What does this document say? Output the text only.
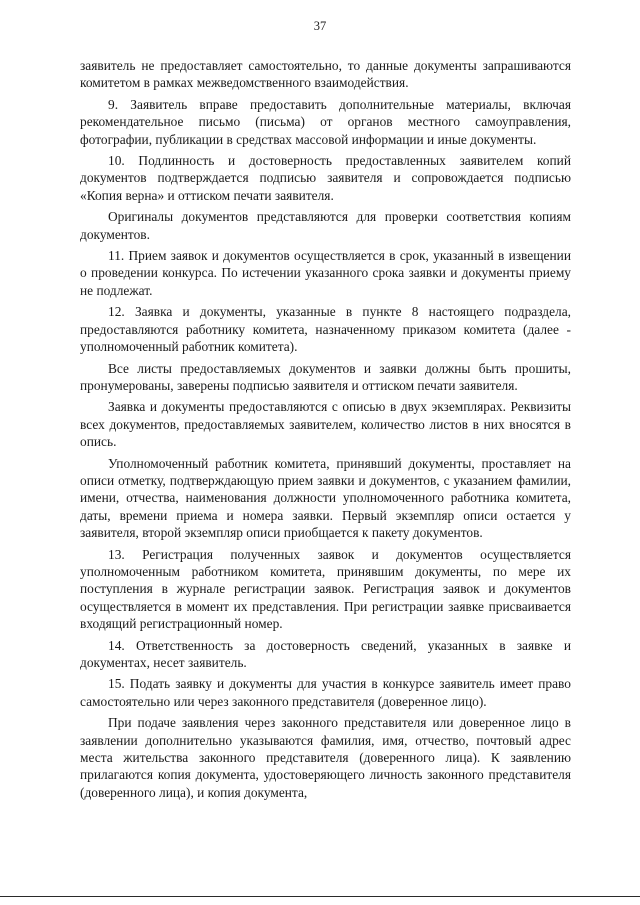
37

заявитель не предоставляет самостоятельно, то данные документы запрашиваются комитетом в рамках межведомственного взаимодействия.

9. Заявитель вправе предоставить дополнительные материалы, включая рекомендательное письмо (письма) от органов местного самоуправления, фотографии, публикации в средствах массовой информации и иные документы.

10. Подлинность и достоверность предоставленных заявителем копий документов подтверждается подписью заявителя и сопровождается подписью «Копия верна» и оттиском печати заявителя.

Оригиналы документов представляются для проверки соответствия копиям документов.

11. Прием заявок и документов осуществляется в срок, указанный в извещении о проведении конкурса. По истечении указанного срока заявки и документы приему не подлежат.

12. Заявка и документы, указанные в пункте 8 настоящего подраздела, предоставляются работнику комитета, назначенному приказом комитета (далее - уполномоченный работник комитета).

Все листы предоставляемых документов и заявки должны быть прошиты, пронумерованы, заверены подписью заявителя и оттиском печати заявителя.

Заявка и документы предоставляются с описью в двух экземплярах. Реквизиты всех документов, предоставляемых заявителем, количество листов в них вносятся в опись.

Уполномоченный работник комитета, принявший документы, проставляет на описи отметку, подтверждающую прием заявки и документов, с указанием фамилии, имени, отчества, наименования должности уполномоченного работника комитета, даты, времени приема и номера заявки. Первый экземпляр описи остается у заявителя, второй экземпляр описи приобщается к пакету документов.

13. Регистрация полученных заявок и документов осуществляется уполномоченным работником комитета, принявшим документы, по мере их поступления в журнале регистрации заявок. Регистрация заявок и документов осуществляется в момент их представления. При регистрации заявке присваивается входящий регистрационный номер.

14. Ответственность за достоверность сведений, указанных в заявке и документах, несет заявитель.

15. Подать заявку и документы для участия в конкурсе заявитель имеет право самостоятельно или через законного представителя (доверенное лицо).

При подаче заявления через законного представителя или доверенное лицо в заявлении дополнительно указываются фамилия, имя, отчество, почтовый адрес места жительства законного представителя (доверенного лица). К заявлению прилагаются копия документа, удостоверяющего личность законного представителя (доверенного лица), и копия документа,
